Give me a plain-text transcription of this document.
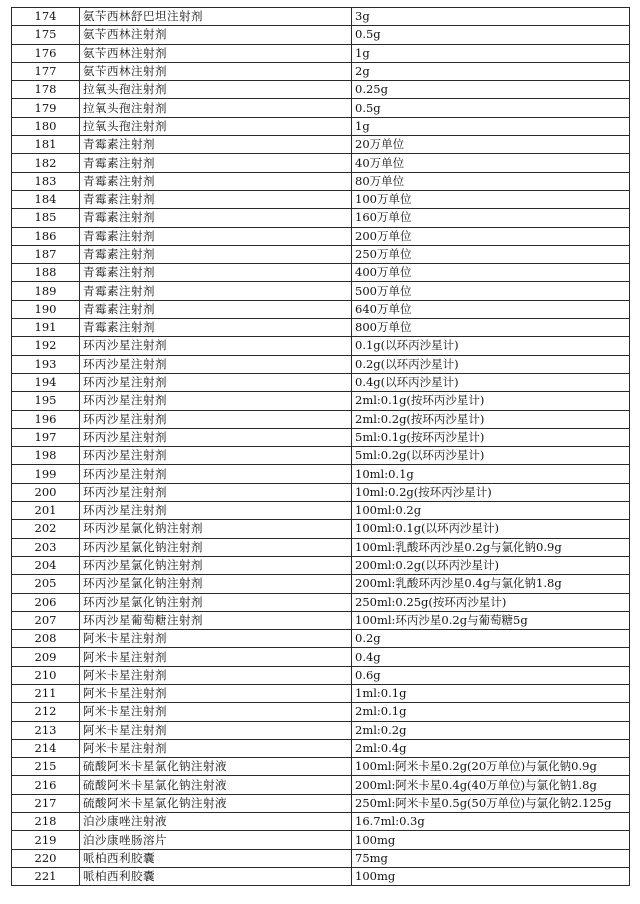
174	氨苄西林舒巴坦注射剂	3g
175	氨苄西林注射剂	0.5g
176	氨苄西林注射剂	1g
177	氨苄西林注射剂	2g
178	拉氧头孢注射剂	0.25g
179	拉氧头孢注射剂	0.5g
180	拉氧头孢注射剂	1g
181	青霉素注射剂	20万单位
182	青霉素注射剂	40万单位
183	青霉素注射剂	80万单位
184	青霉素注射剂	100万单位
185	青霉素注射剂	160万单位
186	青霉素注射剂	200万单位
187	青霉素注射剂	250万单位
188	青霉素注射剂	400万单位
189	青霉素注射剂	500万单位
190	青霉素注射剂	640万单位
191	青霉素注射剂	800万单位
192	环丙沙星注射剂	0.1g(以环丙沙星计)
193	环丙沙星注射剂	0.2g(以环丙沙星计)
194	环丙沙星注射剂	0.4g(以环丙沙星计)
195	环丙沙星注射剂	2ml:0.1g(按环丙沙星计)
196	环丙沙星注射剂	2ml:0.2g(按环丙沙星计)
197	环丙沙星注射剂	5ml:0.1g(按环丙沙星计)
198	环丙沙星注射剂	5ml:0.2g(以环丙沙星计)
199	环丙沙星注射剂	10ml:0.1g
200	环丙沙星注射剂	10ml:0.2g(按环丙沙星计)
201	环丙沙星注射剂	100ml:0.2g
202	环丙沙星氯化钠注射剂	100ml:0.1g(以环丙沙星计)
203	环丙沙星氯化钠注射剂	100ml:乳酸环丙沙星0.2g与氯化钠0.9g
204	环丙沙星氯化钠注射剂	200ml:0.2g(以环丙沙星计)
205	环丙沙星氯化钠注射剂	200ml:乳酸环丙沙星0.4g与氯化钠1.8g
206	环丙沙星氯化钠注射剂	250ml:0.25g(按环丙沙星计)
207	环丙沙星葡萄糖注射剂	100ml:环丙沙星0.2g与葡萄糖5g
208	阿米卡星注射剂	0.2g
209	阿米卡星注射剂	0.4g
210	阿米卡星注射剂	0.6g
211	阿米卡星注射剂	1ml:0.1g
212	阿米卡星注射剂	2ml:0.1g
213	阿米卡星注射剂	2ml:0.2g
214	阿米卡星注射剂	2ml:0.4g
215	硫酸阿米卡星氯化钠注射液	100ml:阿米卡星0.2g(20万单位)与氯化钠0.9g
216	硫酸阿米卡星氯化钠注射液	200ml:阿米卡星0.4g(40万单位)与氯化钠1.8g
217	硫酸阿米卡星氯化钠注射液	250ml:阿米卡星0.5g(50万单位)与氯化钠2.125g
218	泊沙康唑注射液	16.7ml:0.3g
219	泊沙康唑肠溶片	100mg
220	哌柏西利胶囊	75mg
221	哌柏西利胶囊	100mg
